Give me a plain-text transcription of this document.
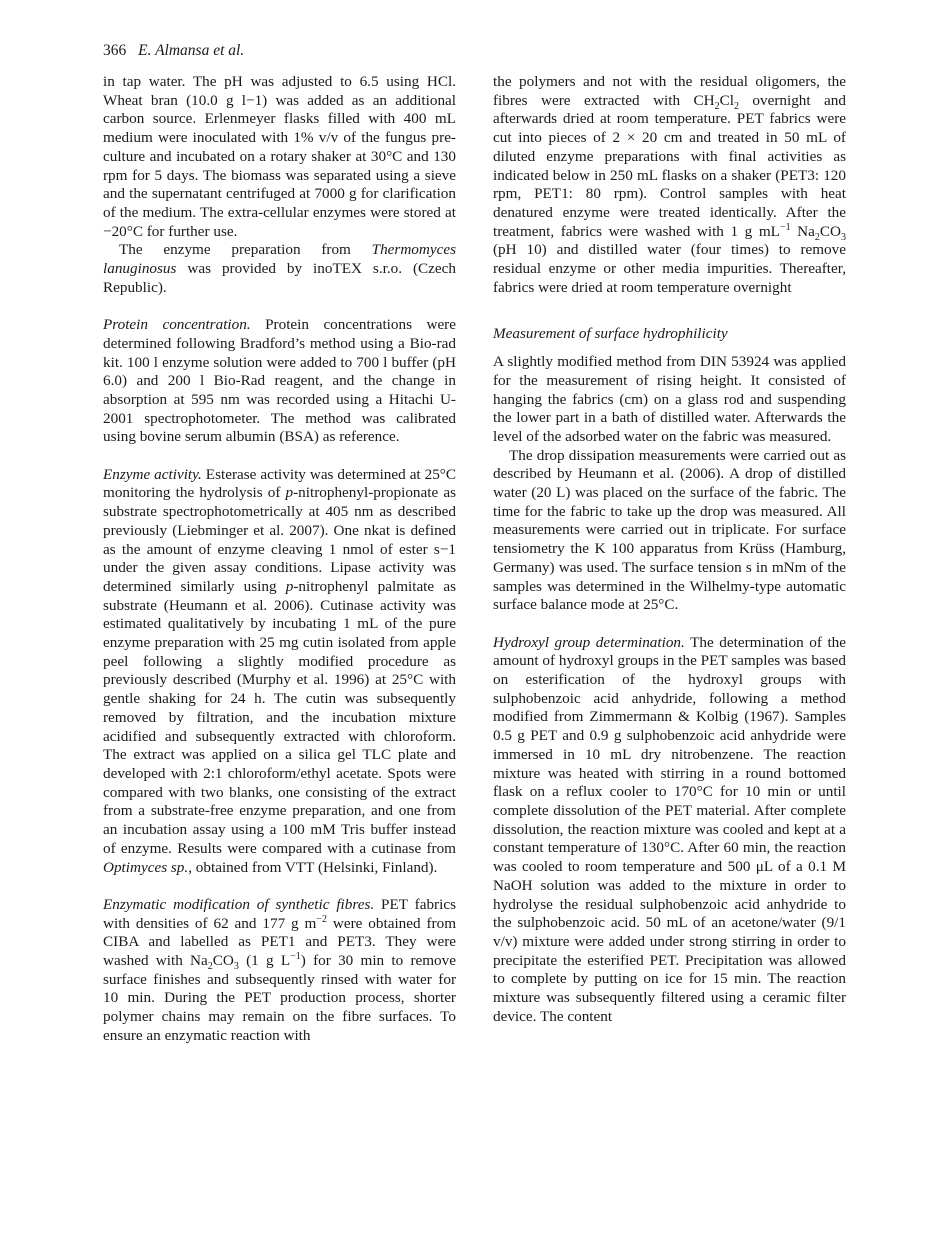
366 E. Almansa et al.

in tap water. The pH was adjusted to 6.5 using HCl. Wheat bran (10.0 g l−1) was added as an additional carbon source. Erlenmeyer flasks filled with 400 mL medium were inoculated with 1% v/v of the fungus pre-culture and incubated on a rotary shaker at 30°C and 130 rpm for 5 days. The biomass was separated using a sieve and the supernatant centrifuged at 7000 g for clarification of the medium. The extra-cellular enzymes were stored at −20°C for further use.

The enzyme preparation from Thermomyces lanuginosus was provided by inoTEX s.r.o. (Czech Republic).

Protein concentration. Protein concentrations were determined following Bradford’s method using a Bio-rad kit. 100 l enzyme solution were added to 700 l buffer (pH 6.0) and 200 l Bio-Rad reagent, and the change in absorption at 595 nm was recorded using a Hitachi U-2001 spectrophotometer. The method was calibrated using bovine serum albumin (BSA) as reference.

Enzyme activity. Esterase activity was determined at 25°C monitoring the hydrolysis of p-nitrophenyl-propionate as substrate spectrophotometrically at 405 nm as described previously (Liebminger et al. 2007). One nkat is defined as the amount of enzyme cleaving 1 nmol of ester s−1 under the given assay conditions. Lipase activity was determined similarly using p-nitrophenyl palmitate as substrate (Heumann et al. 2006). Cutinase activity was estimated qualitatively by incubating 1 mL of the pure enzyme preparation with 25 mg cutin isolated from apple peel following a slightly modified procedure as previously described (Murphy et al. 1996) at 25°C with gentle shaking for 24 h. The cutin was subsequently removed by filtration, and the incubation mixture acidified and subsequently extracted with chloroform. The extract was applied on a silica gel TLC plate and developed with 2:1 chloroform/ethyl acetate. Spots were compared with two blanks, one consisting of the extract from a substrate-free enzyme preparation, and one from an incubation assay using a 100 mM Tris buffer instead of enzyme. Results were compared with a cutinase from Optimyces sp., obtained from VTT (Helsinki, Finland).

Enzymatic modification of synthetic fibres. PET fabrics with densities of 62 and 177 g $m^{-2}$ were obtained from CIBA and labelled as PET1 and PET3. They were washed with $Na_2CO_3$ (1 g $L^{-1}$) for 30 min to remove surface finishes and subsequently rinsed with water for 10 min. During the PET production process, shorter polymer chains may remain on the fibre surfaces. To ensure an enzymatic reaction with

the polymers and not with the residual oligomers, the fibres were extracted with $CH_2Cl_2$ overnight and afterwards dried at room temperature. PET fabrics were cut into pieces of 2 × 20 cm and treated in 50 mL of diluted enzyme preparations with final activities as indicated below in 250 mL flasks on a shaker (PET3: 120 rpm, PET1: 80 rpm). Control samples with heat denatured enzyme were treated identically. After the treatment, fabrics were washed with 1 g $mL^{-1}$ $Na_2CO_3$ (pH 10) and distilled water (four times) to remove residual enzyme or other media impurities. Thereafter, fabrics were dried at room temperature overnight

Measurement of surface hydrophilicity

A slightly modified method from DIN 53924 was applied for the measurement of rising height. It consisted of hanging the fabrics (cm) on a glass rod and suspending the lower part in a bath of distilled water. Afterwards the level of the adsorbed water on the fabric was measured.

The drop dissipation measurements were carried out as described by Heumann et al. (2006). A drop of distilled water (20 L) was placed on the surface of the fabric. The time for the fabric to take up the drop was measured. All measurements were carried out in triplicate. For surface tensiometry the K 100 apparatus from Krüss (Hamburg, Germany) was used. The surface tension s in mNm of the samples was determined in the Wilhelmy-type automatic surface balance mode at 25°C.

Hydroxyl group determination. The determination of the amount of hydroxyl groups in the PET samples was based on esterification of the hydroxyl groups with sulphobenzoic acid anhydride, following a method modified from Zimmermann & Kolbig (1967). Samples 0.5 g PET and 0.9 g sulphobenzoic acid anhydride were immersed in 10 mL dry nitrobenzene. The reaction mixture was heated with stirring in a round bottomed flask on a reflux cooler to 170°C for 10 min or until complete dissolution of the PET material. After complete dissolution, the reaction mixture was cooled and kept at a constant temperature of 130°C. After 60 min, the reaction was cooled to room temperature and 500 μL of a 0.1 M NaOH solution was added to the mixture in order to hydrolyse the residual sulphobenzoic acid anhydride to the sulphobenzoic acid. 50 mL of an acetone/water (9/1 v/v) mixture were added under strong stirring in order to precipitate the esterified PET. Precipitation was allowed to complete by putting on ice for 15 min. The reaction mixture was subsequently filtered using a ceramic filter device. The content
